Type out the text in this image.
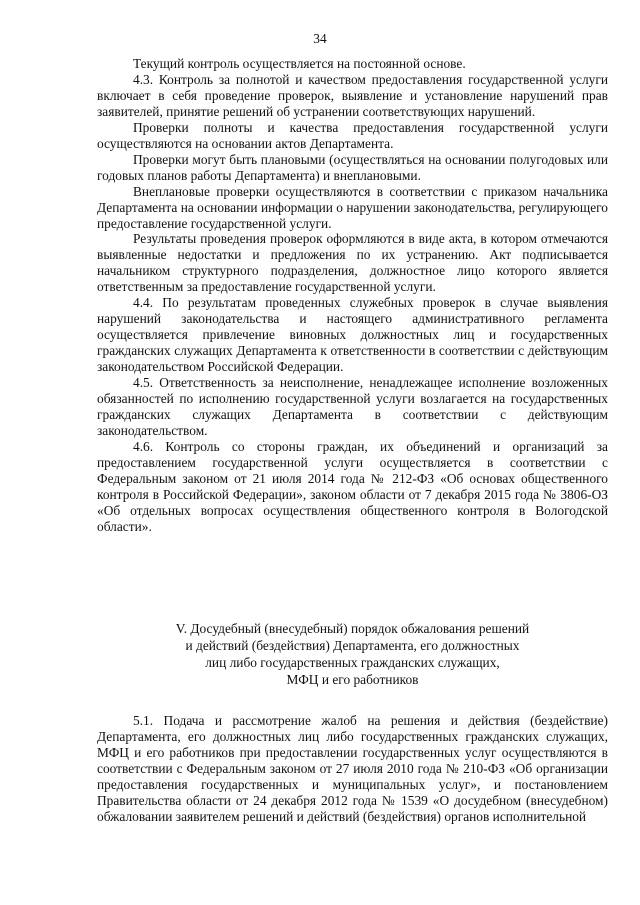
34

Текущий контроль осуществляется на постоянной основе.

4.3. Контроль за полнотой и качеством предоставления государственной услуги включает в себя проведение проверок, выявление и установление нарушений прав заявителей, принятие решений об устранении соответствующих нарушений.

Проверки полноты и качества предоставления государственной услуги осуществляются на основании актов Департамента.

Проверки могут быть плановыми (осуществляться на основании полугодовых или годовых планов работы Департамента) и внеплановыми.

Внеплановые проверки осуществляются в соответствии с приказом начальника Департамента на основании информации о нарушении законодательства, регулирующего предоставление государственной услуги.

Результаты проведения проверок оформляются в виде акта, в котором отмечаются выявленные недостатки и предложения по их устранению. Акт подписывается начальником структурного подразделения, должностное лицо которого является ответственным за предоставление государственной услуги.

4.4. По результатам проведенных служебных проверок в случае выявления нарушений законодательства и настоящего административного регламента осуществляется привлечение виновных должностных лиц и государственных гражданских служащих Департамента к ответственности в соответствии с действующим законодательством Российской Федерации.

4.5. Ответственность за неисполнение, ненадлежащее исполнение возложенных обязанностей по исполнению государственной услуги возлагается на государственных гражданских служащих Департамента в соответствии с действующим законодательством.

4.6. Контроль со стороны граждан, их объединений и организаций за предоставлением государственной услуги осуществляется в соответствии с Федеральным законом от 21 июля 2014 года № 212-ФЗ «Об основах общественного контроля в Российской Федерации», законом области от 7 декабря 2015 года № 3806-ОЗ «Об отдельных вопросах осуществления общественного контроля в Вологодской области».

V. Досудебный (внесудебный) порядок обжалования решений
и действий (бездействия) Департамента, его должностных
лиц либо государственных гражданских служащих,
МФЦ и его работников

5.1. Подача и рассмотрение жалоб на решения и действия (бездействие) Департамента, его должностных лиц либо государственных гражданских служащих, МФЦ и его работников при предоставлении государственных услуг осуществляются в соответствии с Федеральным законом от 27 июля 2010 года № 210-ФЗ «Об организации предоставления государственных и муниципальных услуг», и постановлением Правительства области от 24 декабря 2012 года № 1539 «О досудебном (внесудебном) обжаловании заявителем решений и действий (бездействия) органов исполнительной
